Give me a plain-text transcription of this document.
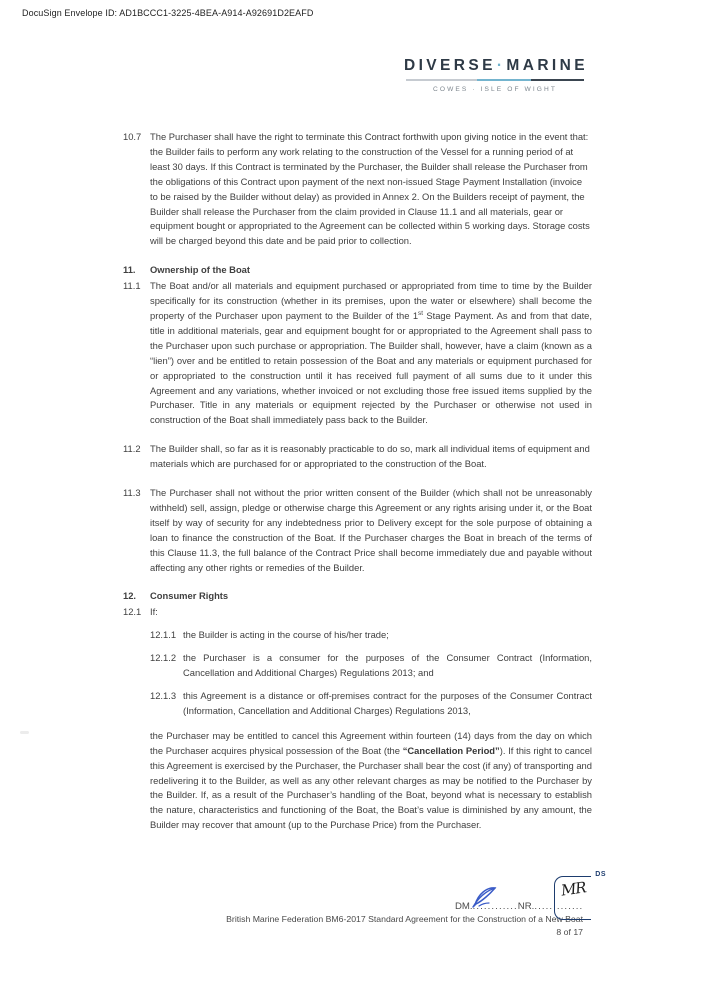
DocuSign Envelope ID: AD1BCCC1-3225-4BEA-A914-A92691D2EAFD
DIVERSE·MARINE
COWES · ISLE OF WIGHT
10.7 The Purchaser shall have the right to terminate this Contract forthwith upon giving notice in the event that: the Builder fails to perform any work relating to the construction of the Vessel for a running period of at least 30 days. If this Contract is terminated by the Purchaser, the Builder shall release the Purchaser from the obligations of this Contract upon payment of the next non-issued Stage Payment Installation (invoice to be raised by the Builder without delay) as provided in Annex 2. On the Builders receipt of payment, the Builder shall release the Purchaser from the claim provided in Clause 11.1 and all materials, gear or equipment bought or appropriated to the Agreement can be collected within 5 working days. Storage costs will be charged beyond this date and be paid prior to collection.
11.	Ownership of the Boat
11.1	The Boat and/or all materials and equipment purchased or appropriated from time to time by the Builder specifically for its construction (whether in its premises, upon the water or elsewhere) shall become the property of the Purchaser upon payment to the Builder of the 1st Stage Payment. As and from that date, title in additional materials, gear and equipment bought for or appropriated to the Agreement shall pass to the Purchaser upon such purchase or appropriation. The Builder shall, however, have a claim (known as a “lien”) over and be entitled to retain possession of the Boat and any materials or equipment purchased for or appropriated to the construction until it has received full payment of all sums due to it under this Agreement and any variations, whether invoiced or not excluding those free issued items supplied by the Purchaser. Title in any materials or equipment rejected by the Purchaser or otherwise not used in construction of the Boat shall immediately pass back to the Builder.
11.2	The Builder shall, so far as it is reasonably practicable to do so, mark all individual items of equipment and materials which are purchased for or appropriated to the construction of the Boat.
11.3	The Purchaser shall not without the prior written consent of the Builder (which shall not be unreasonably withheld) sell, assign, pledge or otherwise charge this Agreement or any rights arising under it, or the Boat itself by way of security for any indebtedness prior to Delivery except for the sole purpose of obtaining a loan to finance the construction of the Boat. If the Purchaser charges the Boat in breach of the terms of this Clause 11.3, the full balance of the Contract Price shall become immediately due and payable without affecting any other rights or remedies of the Builder.
12.	Consumer Rights
12.1 If:
12.1.1 the Builder is acting in the course of his/her trade;
12.1.2 the Purchaser is a consumer for the purposes of the Consumer Contract (Information, Cancellation and Additional Charges) Regulations 2013; and
12.1.3 this Agreement is a distance or off-premises contract for the purposes of the Consumer Contract (Information, Cancellation and Additional Charges) Regulations 2013,
the Purchaser may be entitled to cancel this Agreement within fourteen (14) days from the day on which the Purchaser acquires physical possession of the Boat (the “Cancellation Period”). If this right to cancel this Agreement is exercised by the Purchaser, the Purchaser shall bear the cost (if any) of transporting and redelivering it to the Builder, as well as any other relevant charges as may be notified to the Purchaser by the Builder. If, as a result of the Purchaser’s handling of the Boat, beyond what is necessary to establish the nature, characteristics and functioning of the Boat, the Boat’s value is diminished by any amount, the Builder may recover that amount (up to the Purchase Price) from the Purchaser.
DM.............NR..............
DS
MR
British Marine Federation BM6-2017 Standard Agreement for the Construction of a New Boat
8 of 17
